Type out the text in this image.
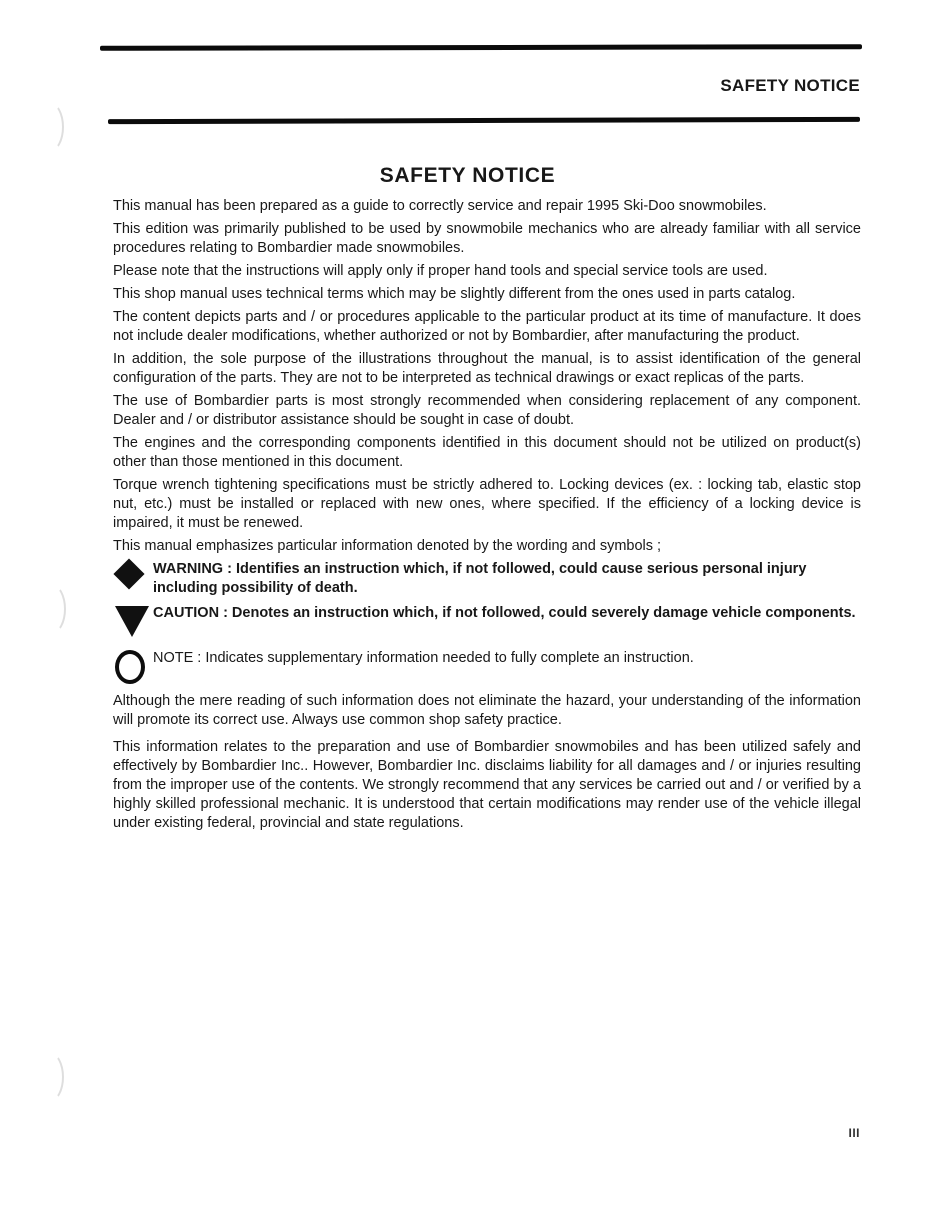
SAFETY NOTICE
SAFETY NOTICE

This manual has been prepared as a guide to correctly service and repair 1995 Ski-Doo snowmobiles.

This edition was primarily published to be used by snowmobile mechanics who are already familiar with all service procedures relating to Bombardier made snowmobiles.

Please note that the instructions will apply only if proper hand tools and special service tools are used.

This shop manual uses technical terms which may be slightly different from the ones used in parts catalog.

The content depicts parts and / or procedures applicable to the particular product at its time of manufacture. It does not include dealer modifications, whether authorized or not by Bombardier, after manufacturing the product.

In addition, the sole purpose of the illustrations throughout the manual, is to assist identification of the general configuration of the parts. They are not to be interpreted as technical drawings or exact replicas of the parts.

The use of Bombardier parts is most strongly recommended when considering replacement of any component. Dealer and / or distributor assistance should be sought in case of doubt.

The engines and the corresponding components identified in this document should not be utilized on product(s) other than those mentioned in this document.

Torque wrench tightening specifications must be strictly adhered to. Locking devices (ex. : locking tab, elastic stop nut, etc.) must be installed or replaced with new ones, where specified. If the efficiency of a locking device is impaired, it must be renewed.

This manual emphasizes particular information denoted by the wording and symbols ;

WARNING : Identifies an instruction which, if not followed, could cause serious personal injury including possibility of death.
CAUTION : Denotes an instruction which, if not followed, could severely damage vehicle components.
NOTE : Indicates supplementary information needed to fully complete an instruction.

Although the mere reading of such information does not eliminate the hazard, your understanding of the information will promote its correct use. Always use common shop safety practice.

This information relates to the preparation and use of Bombardier snowmobiles and has been utilized safely and effectively by Bombardier Inc.. However, Bombardier Inc. disclaims liability for all damages and / or injuries resulting from the improper use of the contents. We strongly recommend that any services be carried out and / or verified by a highly skilled professional mechanic. It is understood that certain modifications may render use of the vehicle illegal under existing federal, provincial and state regulations.

III
